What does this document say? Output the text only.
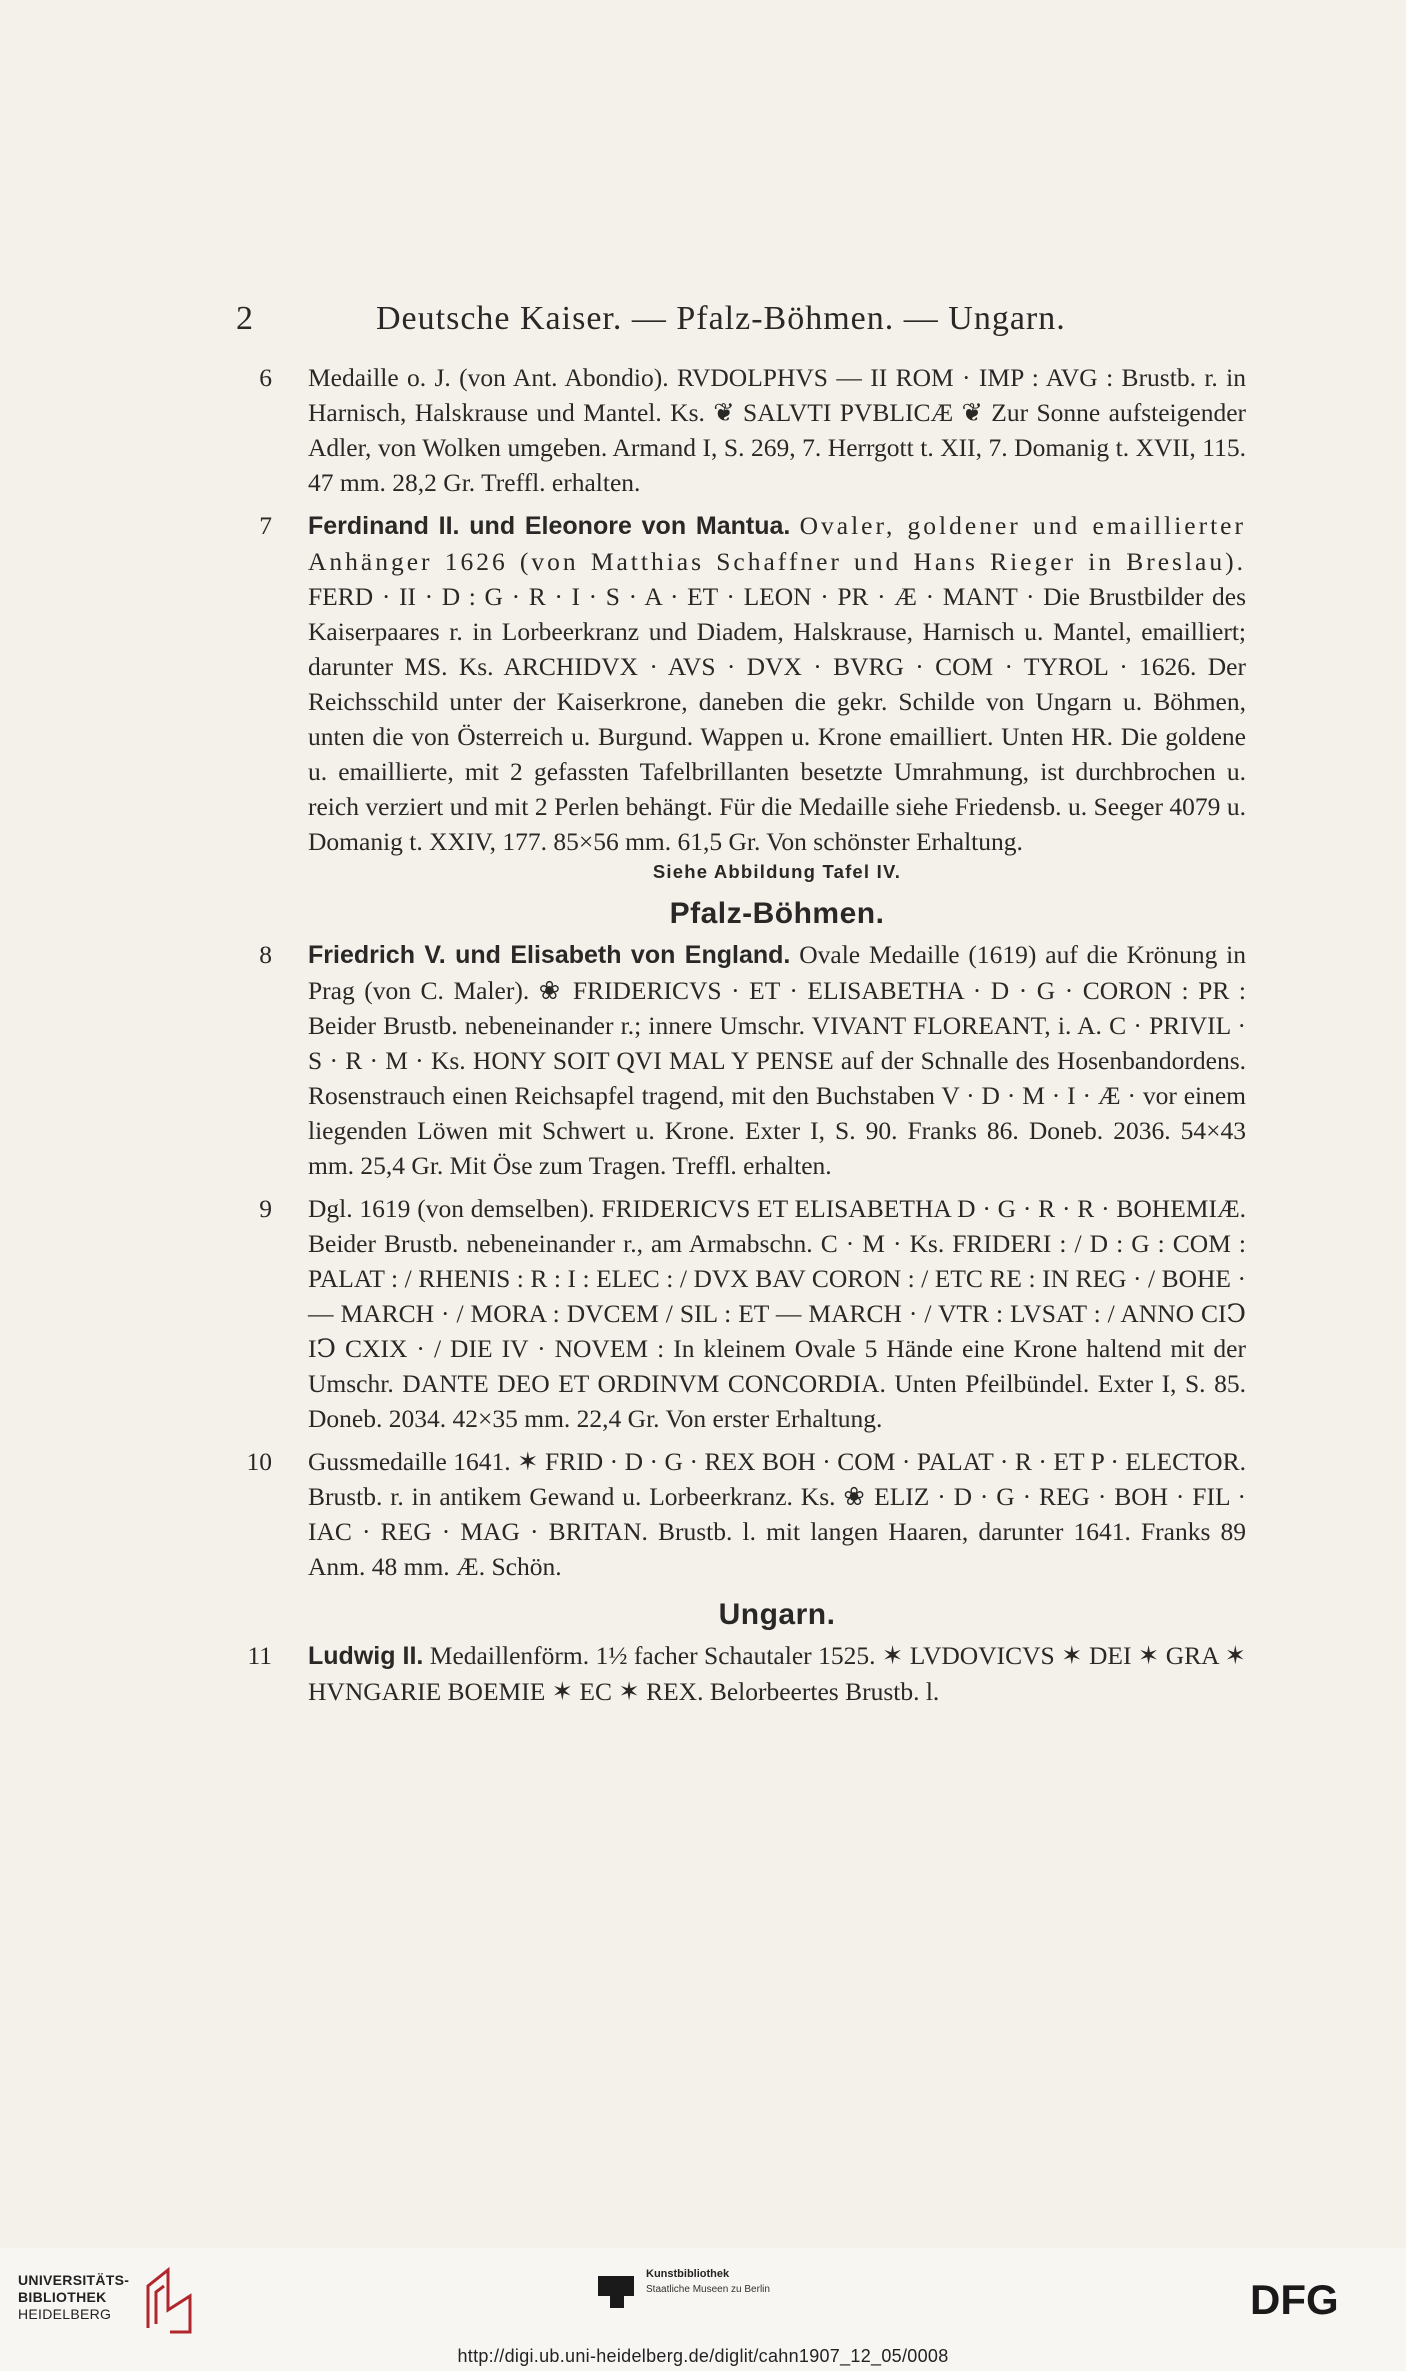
2	Deutsche Kaiser. — Pfalz-Böhmen. — Ungarn.
6 Medaille o. J. (von Ant. Abondio). RVDOLPHVS — II ROM · IMP : AVG : Brustb. r. in Harnisch, Halskrause und Mantel. Ks. ❦ SALVTI PVBLICÆ ❦ Zur Sonne aufsteigender Adler, von Wolken umgeben. Armand I, S. 269, 7. Herrgott t. XII, 7. Domanig t. XVII, 115. 47 mm. 28,2 Gr. Treffl. erhalten.

7 Ferdinand II. und Eleonore von Mantua. Ovaler, goldener und emaillierter Anhänger 1626 (von Matthias Schaffner und Hans Rieger in Breslau). FERD · II · D : G · R · I · S · A · ET · LEON · PR · Æ · MANT · Die Brustbilder des Kaiserpaares r. in Lorbeerkranz und Diadem, Halskrause, Harnisch u. Mantel, emailliert; darunter MS. Ks. ARCHIDVX · AVS · DVX · BVRG · COM · TYROL · 1626. Der Reichsschild unter der Kaiserkrone, daneben die gekr. Schilde von Ungarn u. Böhmen, unten die von Österreich u. Burgund. Wappen u. Krone emailliert. Unten HR. Die goldene u. emaillierte, mit 2 gefassten Tafelbrillanten besetzte Umrahmung, ist durchbrochen u. reich verziert und mit 2 Perlen behängt. Für die Medaille siehe Friedensb. u. Seeger 4079 u. Domanig t. XXIV, 177. 85×56 mm. 61,5 Gr. Von schönster Erhaltung.

Siehe Abbildung Tafel IV.
Pfalz-Böhmen.
8 Friedrich V. und Elisabeth von England. Ovale Medaille (1619) auf die Krönung in Prag (von C. Maler). ❀ FRIDERICVS · ET · ELISABETHA · D · G · CORON : PR : Beider Brustb. nebeneinander r.; innere Umschr. VIVANT FLOREANT, i. A. C · PRIVIL · S · R · M · Ks. HONY SOIT QVI MAL Y PENSE auf der Schnalle des Hosenbandordens. Rosenstrauch einen Reichsapfel tragend, mit den Buchstaben V · D · M · I · Æ · vor einem liegenden Löwen mit Schwert u. Krone. Exter I, S. 90. Franks 86. Doneb. 2036. 54×43 mm. 25,4 Gr. Mit Öse zum Tragen. Treffl. erhalten.

9 Dgl. 1619 (von demselben). FRIDERICVS ET ELISABETHA D · G · R · R · BOHEMIÆ. Beider Brustb. nebeneinander r., am Armabschn. C · M · Ks. FRIDERI : / D : G : COM : PALAT : / RHENIS : R : I : ELEC : / DVX BAV CORON : / ETC RE : IN REG · / BOHE · — MARCH · / MORA : DVCEM / SIL : ET — MARCH · / VTR : LVSAT : / ANNO CIↃ IↃ CXIX · / DIE IV · NOVEM : In kleinem Ovale 5 Hände eine Krone haltend mit der Umschr. DANTE DEO ET ORDINVM CONCORDIA. Unten Pfeilbündel. Exter I, S. 85. Doneb. 2034. 42×35 mm. 22,4 Gr. Von erster Erhaltung.

10 Gussmedaille 1641. ✶ FRID · D · G · REX BOH · COM · PALAT · R · ET P · ELECTOR. Brustb. r. in antikem Gewand u. Lorbeerkranz. Ks. ❀ ELIZ · D · G · REG · BOH · FIL · IAC · REG · MAG · BRITAN. Brustb. l. mit langen Haaren, darunter 1641. Franks 89 Anm. 48 mm. Æ. Schön.

Ungarn.
11 Ludwig II. Medaillenförm. 1½ facher Schautaler 1525. ✶ LVDOVICVS ✶ DEI ✶ GRA ✶ HVNGARIE BOEMIE ✶ EC ✶ REX. Belorbeertes Brustb. l.

UNIVERSITÄTS-
BIBLIOTHEK
HEIDELBERG
Kunstbibliothek
Staatliche Museen zu Berlin	DFG
http://digi.ub.uni-heidelberg.de/diglit/cahn1907_12_05/0008
